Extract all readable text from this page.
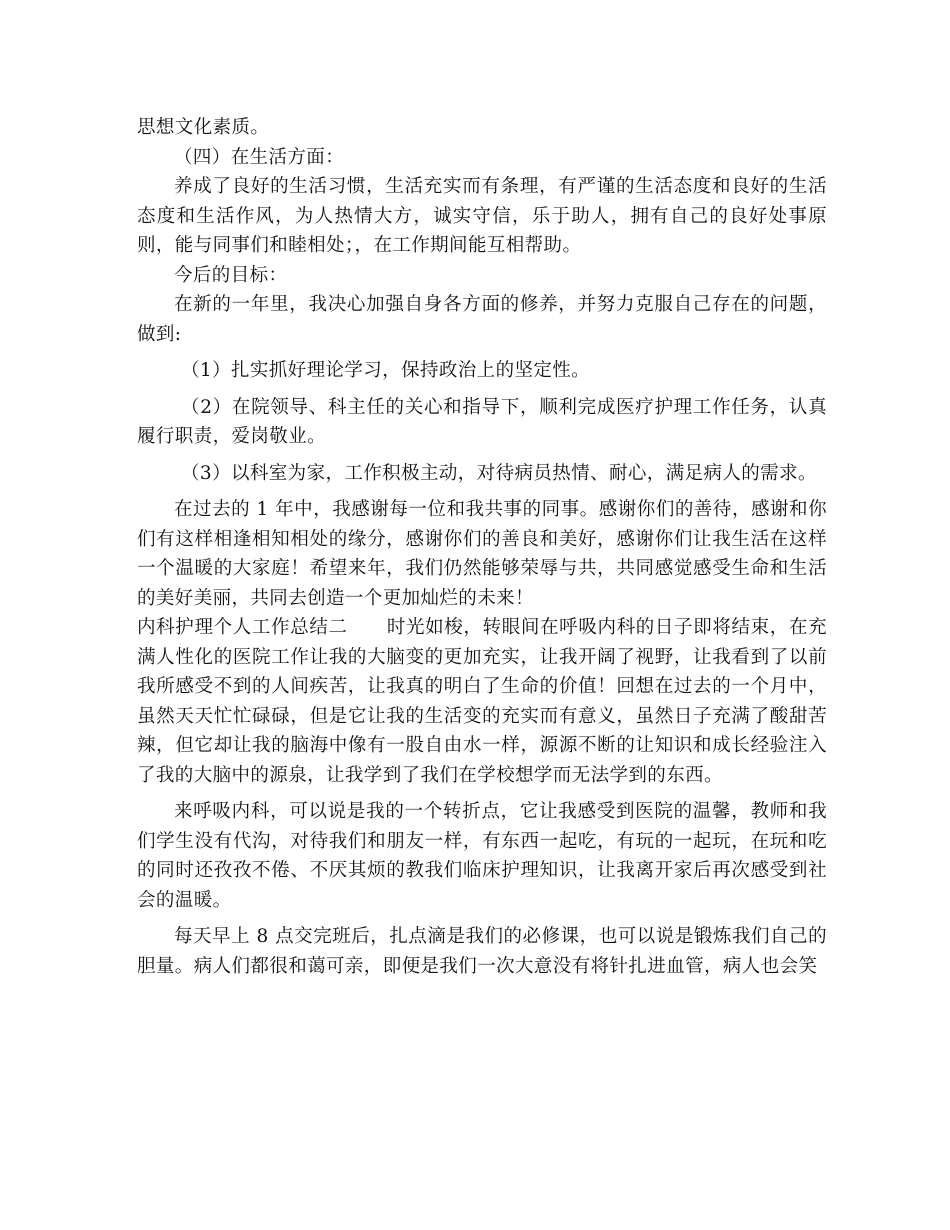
思想文化素质。

（四）在生活方面：

养成了良好的生活习惯，生活充实而有条理，有严谨的生活态度和良好的生活态度和生活作风，为人热情大方，诚实守信，乐于助人，拥有自己的良好处事原则，能与同事们和睦相处；，在工作期间能互相帮助。

今后的目标：

在新的一年里，我决心加强自身各方面的修养，并努力克服自己存在的问题，做到:

（1）扎实抓好理论学习，保持政治上的坚定性。

（2）在院领导、科主任的关心和指导下，顺利完成医疗护理工作任务，认真履行职责，爱岗敬业。

（3）以科室为家，工作积极主动，对待病员热情、耐心，满足病人的需求。

在过去的 1 年中，我感谢每一位和我共事的同事。感谢你们的善待，感谢和你们有这样相逢相知相处的缘分，感谢你们的善良和美好，感谢你们让我生活在这样一个温暖的大家庭！希望来年，我们仍然能够荣辱与共，共同感觉感受生命和生活的美好美丽，共同去创造一个更加灿烂的未来！

内科护理个人工作总结二 时光如梭，转眼间在呼吸内科的日子即将结束，在充满人性化的医院工作让我的大脑变的更加充实，让我开阔了视野，让我看到了以前我所感受不到的人间疾苦，让我真的明白了生命的价值！回想在过去的一个月中，虽然天天忙忙碌碌，但是它让我的生活变的充实而有意义，虽然日子充满了酸甜苦辣，但它却让我的脑海中像有一股自由水一样，源源不断的让知识和成长经验注入了我的大脑中的源泉，让我学到了我们在学校想学而无法学到的东西。

来呼吸内科，可以说是我的一个转折点，它让我感受到医院的温馨，教师和我们学生没有代沟，对待我们和朋友一样，有东西一起吃，有玩的一起玩，在玩和吃的同时还孜孜不倦、不厌其烦的教我们临床护理知识，让我离开家后再次感受到社会的温暖。

每天早上 8 点交完班后，扎点滴是我们的必修课，也可以说是锻炼我们自己的胆量。病人们都很和蔼可亲，即便是我们一次大意没有将针扎进血管，病人也会笑
